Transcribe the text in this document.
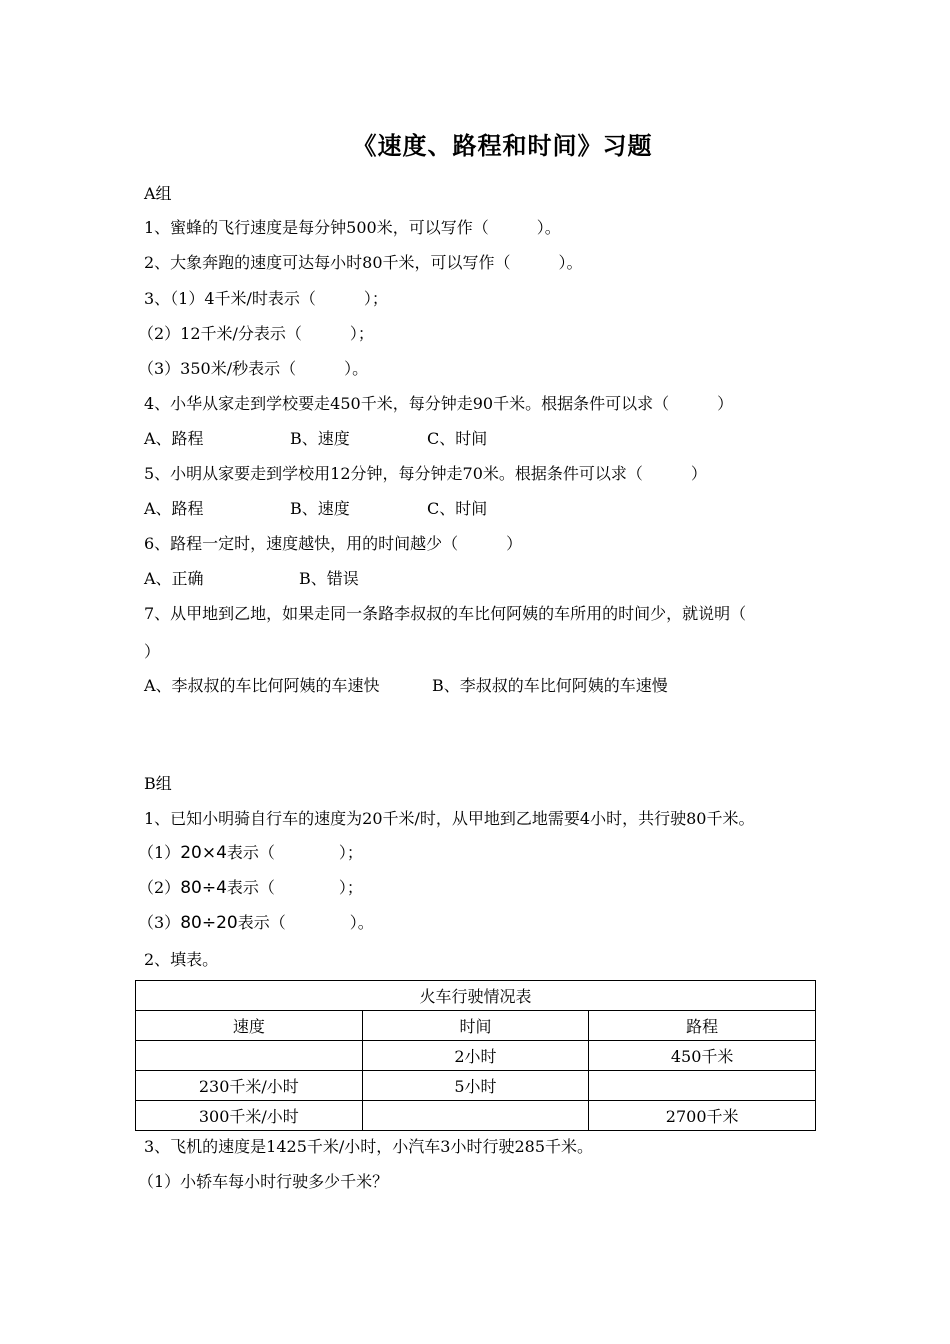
《速度、路程和时间》习题
A组
1、蜜蜂的飞行速度是每分钟500米，可以写作（　　　）。
2、大象奔跑的速度可达每小时80千米，可以写作（　　　）。
3、（1）4千米/时表示（　　　）；
（2）12千米/分表示（　　　）；
（3）350米/秒表示（　　　）。
4、小华从家走到学校要走450千米，每分钟走90千米。根据条件可以求（　　　）
A、路程	B、速度	C、时间
5、小明从家要走到学校用12分钟，每分钟走70米。根据条件可以求（　　　）
A、路程	B、速度	C、时间
6、路程一定时，速度越快，用的时间越少（　　　）
A、正确	B、错误
7、从甲地到乙地，如果走同一条路李叔叔的车比何阿姨的车所用的时间少，就说明（
）
A、李叔叔的车比何阿姨的车速快	B、李叔叔的车比何阿姨的车速慢
B组
1、已知小明骑自行车的速度为20千米/时，从甲地到乙地需要4小时，共行驶80千米。
（1）20×4表示（　　　　）；
（2）80÷4表示（　　　　）；
（3）80÷20表示（　　　　）。
2、填表。
火车行驶情况表		
速度	时间	路程
	2小时	450千米
230千米/小时	5小时	
300千米/小时		2700千米
3、飞机的速度是1425千米/小时，小汽车3小时行驶285千米。
（1）小轿车每小时行驶多少千米？
